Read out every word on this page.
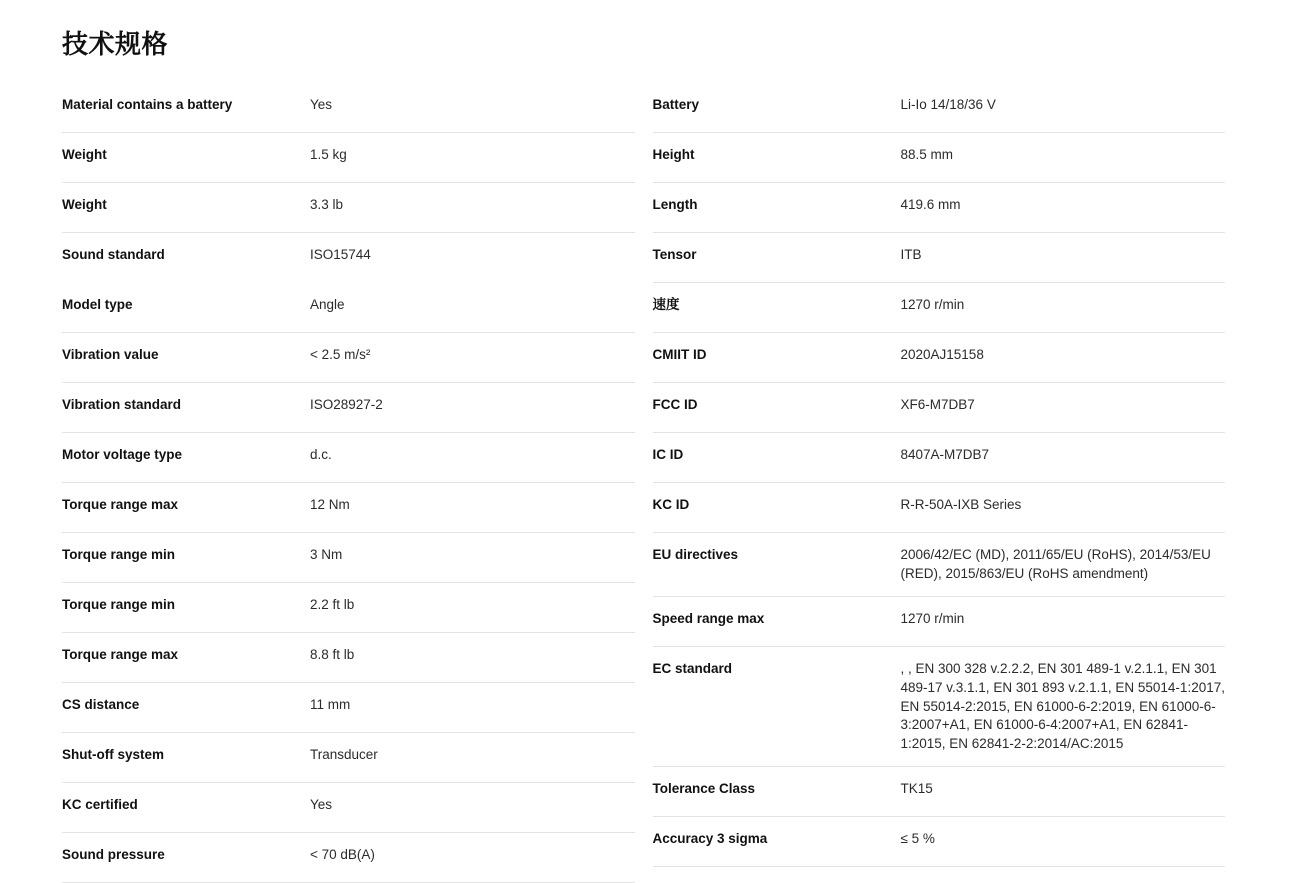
技术规格
Material contains a battery	Yes
Weight	1.5 kg
Weight	3.3 lb
Sound standard	ISO15744
Model type	Angle
Vibration value	< 2.5 m/s²
Vibration standard	ISO28927-2
Motor voltage type	d.c.
Torque range max	12 Nm
Torque range min	3 Nm
Torque range min	2.2 ft lb
Torque range max	8.8 ft lb
CS distance	11 mm
Shut-off system	Transducer
KC certified	Yes
Sound pressure	< 70 dB(A)
Battery	Li-Io 14/18/36 V
Height	88.5 mm
Length	419.6 mm
Tensor	ITB
速度	1270 r/min
CMIIT ID	2020AJ15158
FCC ID	XF6-M7DB7
IC ID	8407A-M7DB7
KC ID	R-R-50A-IXB Series
EU directives	2006/42/EC (MD), 2011/65/EU (RoHS), 2014/53/EU (RED), 2015/863/EU (RoHS amendment)
Speed range max	1270 r/min
EC standard	, , EN 300 328 v.2.2.2, EN 301 489-1 v.2.1.1, EN 301 489-17 v.3.1.1, EN 301 893 v.2.1.1, EN 55014-1:2017, EN 55014-2:2015, EN 61000-6-2:2019, EN 61000-6-3:2007+A1, EN 61000-6-4:2007+A1, EN 62841-1:2015, EN 62841-2-2:2014/AC:2015
Tolerance Class	TK15
Accuracy 3 sigma	≤ 5 %
